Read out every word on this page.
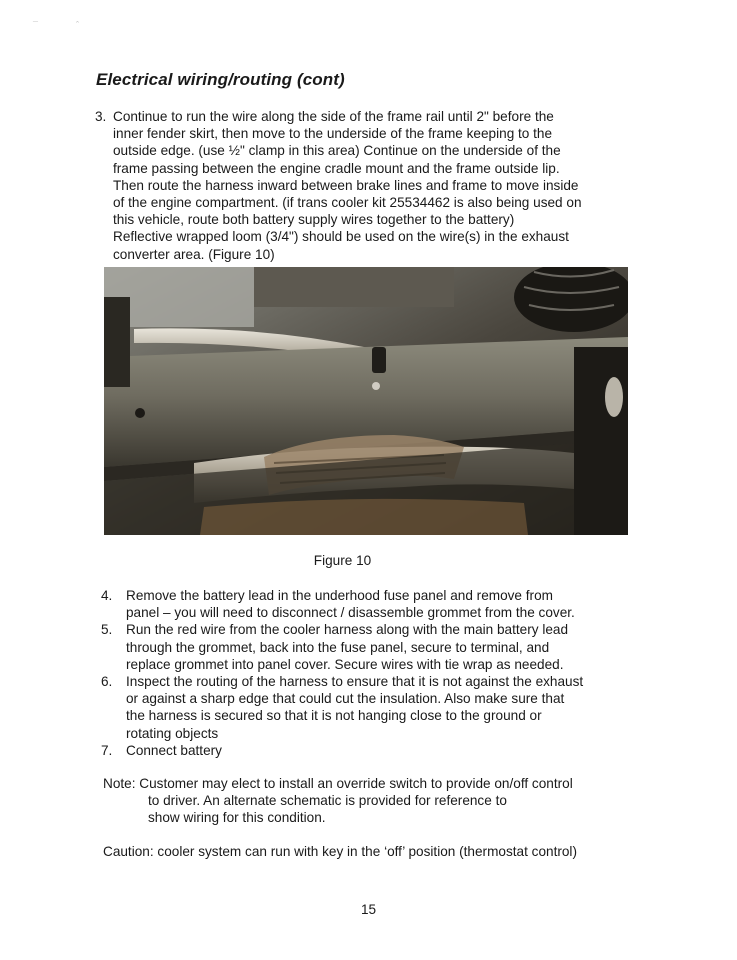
¯	ˆ
Electrical wiring/routing (cont)
3. Continue to run the wire along the side of the frame rail until 2" before the
inner fender skirt, then move to the underside of the frame keeping to the
outside edge. (use ½" clamp in this area) Continue on the underside of the
frame passing between the engine cradle mount and the frame outside lip.
Then route the harness inward between brake lines and frame to move inside
of the engine compartment. (if trans cooler kit 25534462 is also being used on
this vehicle, route both battery supply wires together to the battery)
Reflective wrapped loom (3/4") should be used on the wire(s) in the exhaust
converter area. (Figure 10)
Figure 10
4. Remove the battery lead in the underhood fuse panel and remove from
panel – you will need to disconnect / disassemble grommet from the cover.
5. Run the red wire from the cooler harness along with the main battery lead
through the grommet, back into the fuse panel, secure to terminal, and
replace grommet into panel cover. Secure wires with tie wrap as needed.
6. Inspect the routing of the harness to ensure that it is not against the exhaust
or against a sharp edge that could cut the insulation. Also make sure that
the harness is secured so that it is not hanging close to the ground or
rotating objects
7. Connect battery
Note: Customer may elect to install an override switch to provide on/off control
to driver. An alternate schematic is provided for reference to
show wiring for this condition.
Caution: cooler system can run with key in the ‘off’ position (thermostat control)
15
